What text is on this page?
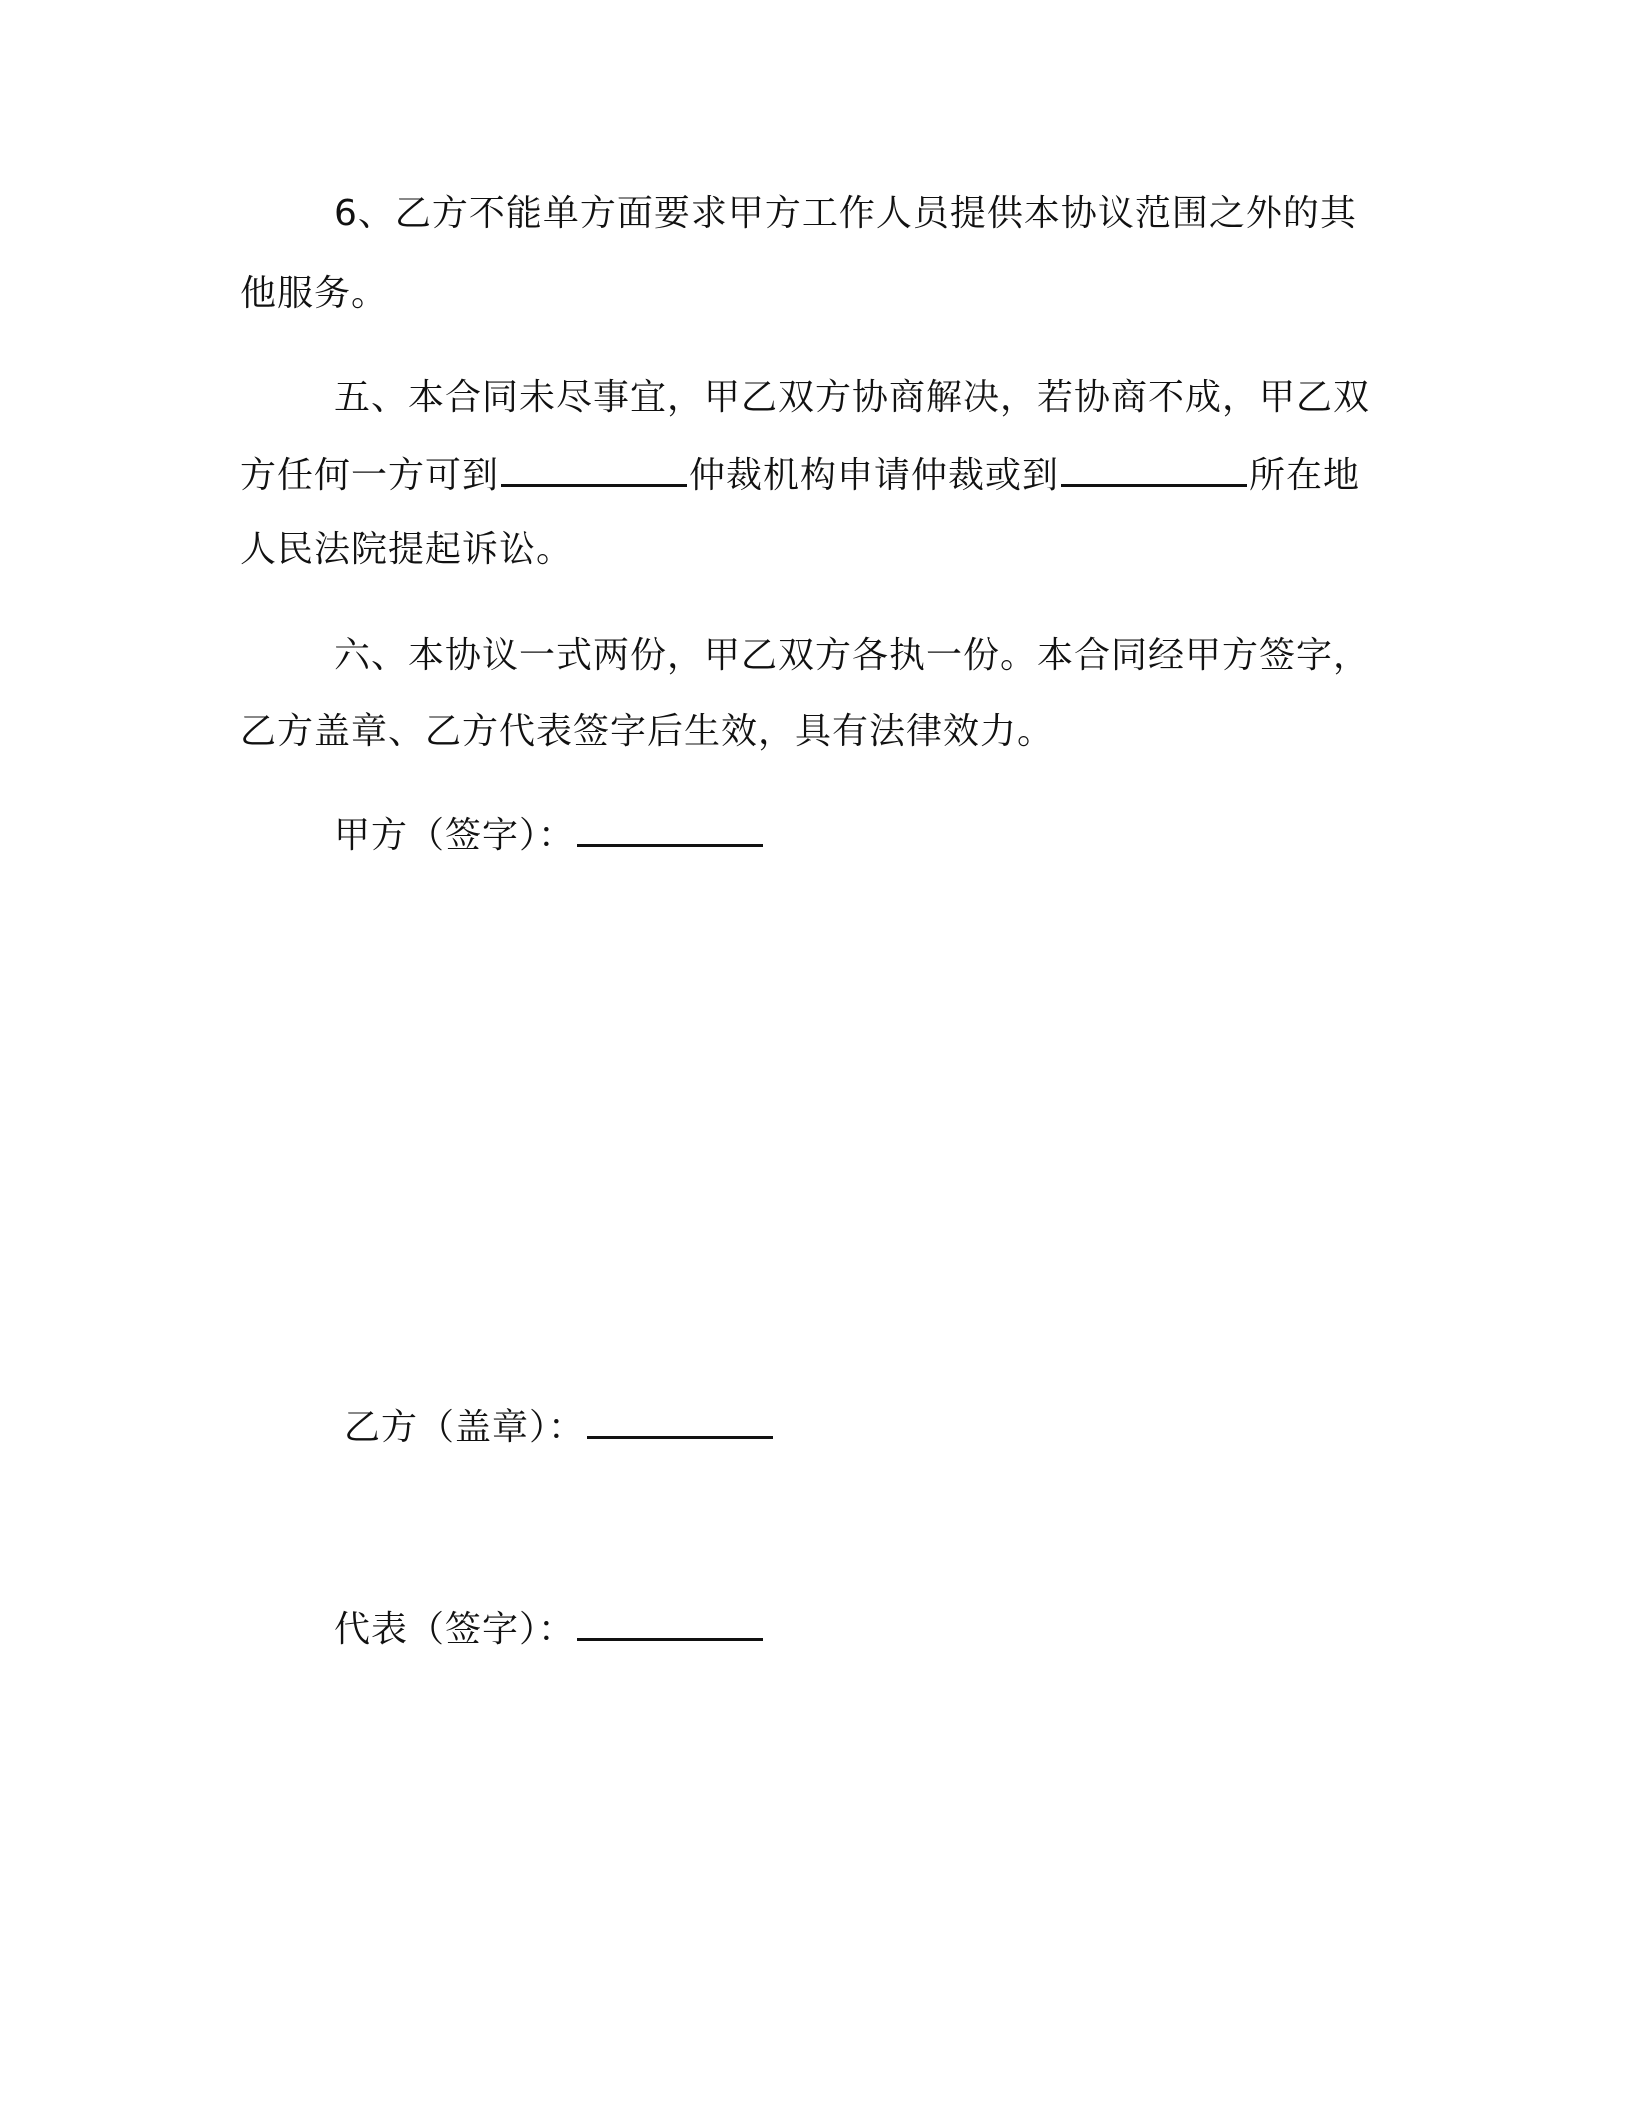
6、乙方不能单方面要求甲方工作人员提供本协议范围之外的其
他服务。
五、本合同未尽事宜，甲乙双方协商解决，若协商不成，甲乙双
方任何一方可到	仲裁机构申请仲裁或到	所在地
人民法院提起诉讼。
六、本协议一式两份，甲乙双方各执一份。本合同经甲方签字，
乙方盖章、乙方代表签字后生效，具有法律效力。
甲方（签字）：
乙方（盖章）：
代表（签字）：
